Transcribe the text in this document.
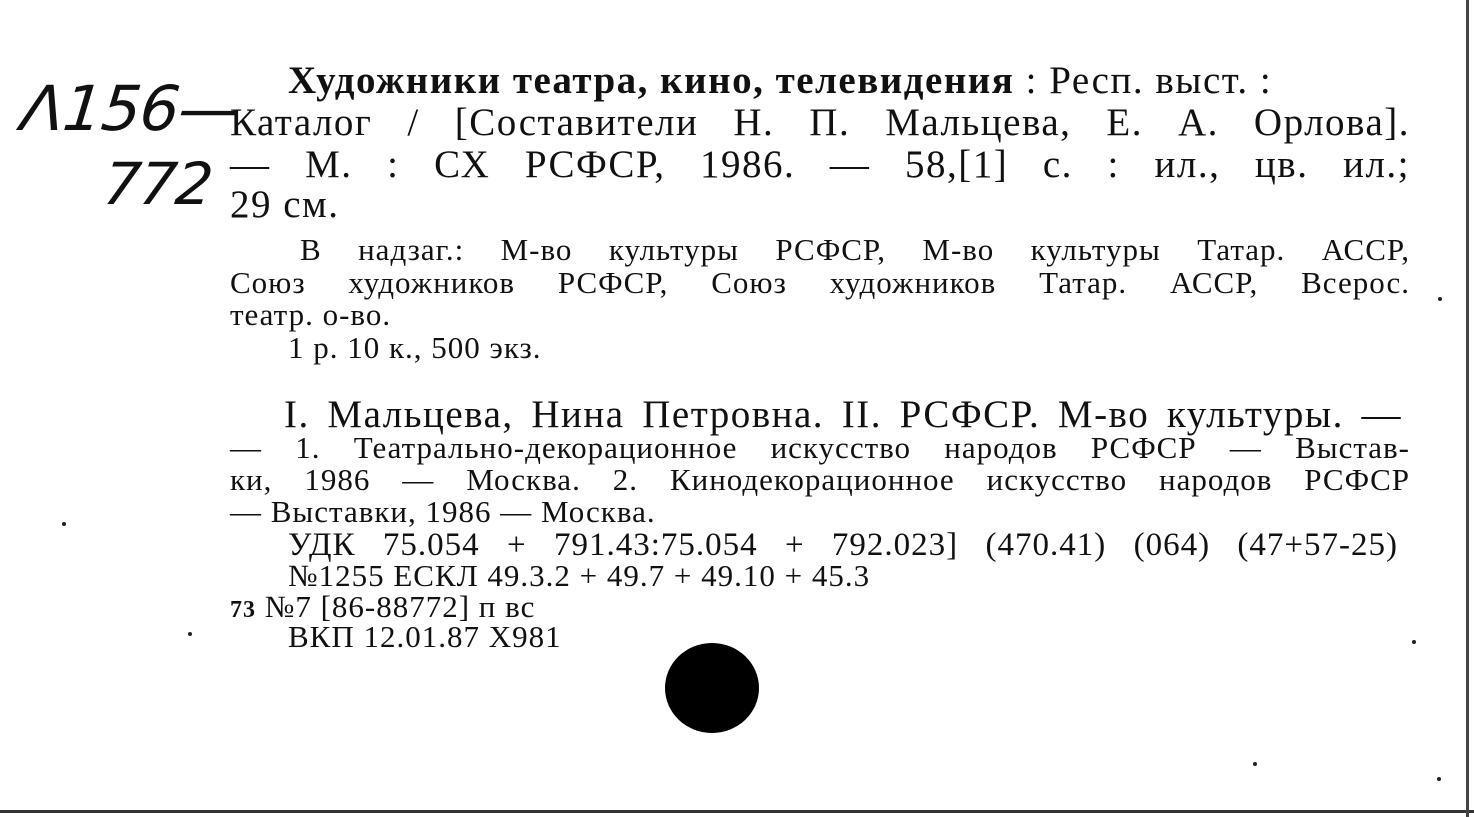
Λ156—
772
Художники театра, кино, телевидения : Респ. выст. :
Каталог / [Составители Н. П. Мальцева, Е. А. Орлова].
— М. : СХ РСФСР, 1986. — 58,[1] с. : ил., цв. ил.;
29 см.
В надзаг.: М-во культуры РСФСР, М-во культуры Татар. АССР,
Союз художников РСФСР, Союз художников Татар. АССР, Всерос.
театр. о-во.
1 р. 10 к., 500 экз.
I. Мальцева, Нина Петровна. II. РСФСР. М-во культуры. —
— 1. Театрально-декорационное искусство народов РСФСР — Выстав-
ки, 1986 — Москва. 2. Кинодекорационное искусство народов РСФСР
— Выставки, 1986 — Москва.
УДК 75.054 + 791.43:75.054 + 792.023] (470.41) (064) (47+57-25)
№1255 ЕСКЛ 49.3.2 + 49.7 + 49.10 + 45.3
73 №7 [86-88772] п вс
ВКП 12.01.87 Х981
